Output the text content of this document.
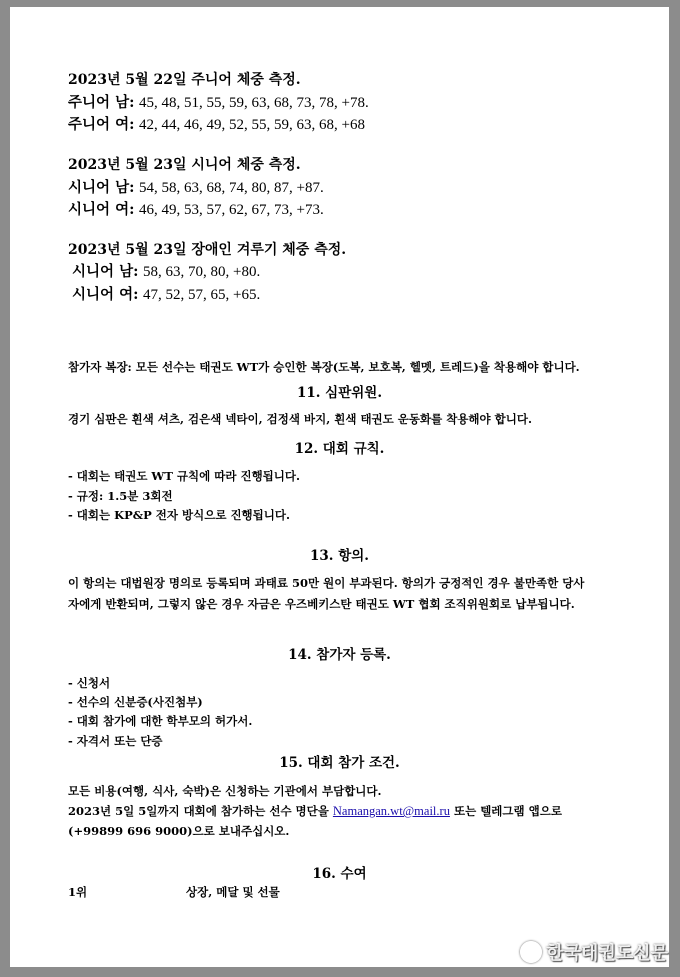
2023년 5월 22일 주니어 체중 측정.
주니어 남: 45, 48, 51, 55, 59, 63, 68, 73, 78, +78.
주니어 여: 42, 44, 46, 49, 52, 55, 59, 63, 68, +68
2023년 5월 23일 시니어 체중 측정.
시니어 남: 54, 58, 63, 68, 74, 80, 87, +87.
시니어 여: 46, 49, 53, 57, 62, 67, 73, +73.
2023년 5월 23일 장애인 겨루기 체중 측정.
시니어 남: 58, 63, 70, 80, +80.
시니어 여: 47, 52, 57, 65, +65.
참가자 복장: 모든 선수는 태권도 WT가 승인한 복장(도복, 보호복, 헬멧, 트레드)을 착용해야 합니다.
11. 심판위원.
경기 심판은 흰색 셔츠, 검은색 넥타이, 검정색 바지, 흰색 태권도 운동화를 착용해야 합니다.
12. 대회 규칙.
- 대회는 태권도 WT 규칙에 따라 진행됩니다.
- 규정: 1.5분 3회전
- 대회는 KP&P 전자 방식으로 진행됩니다.
13. 항의.
이 항의는 대법원장 명의로 등록되며 과태료 50만 원이 부과된다. 항의가 긍정적인 경우 불만족한 당사
자에게 반환되며, 그렇지 않은 경우 자금은 우즈베키스탄 태권도 WT 협회 조직위원회로 납부됩니다.
14. 참가자 등록.
- 신청서
- 선수의 신분증(사진첨부)
- 대회 참가에 대한 학부모의 허가서.
- 자격서 또는 단증
15. 대회 참가 조건.
모든 비용(여행, 식사, 숙박)은 신청하는 기관에서 부담합니다.
2023년 5일 5일까지 대회에 참가하는 선수 명단을 Namangan.wt@mail.ru 또는 텔레그램 앱으로
(+99899 696 9000)으로 보내주십시오.
16. 수여
1위	상장, 메달 및 선물
한국태권도신문
